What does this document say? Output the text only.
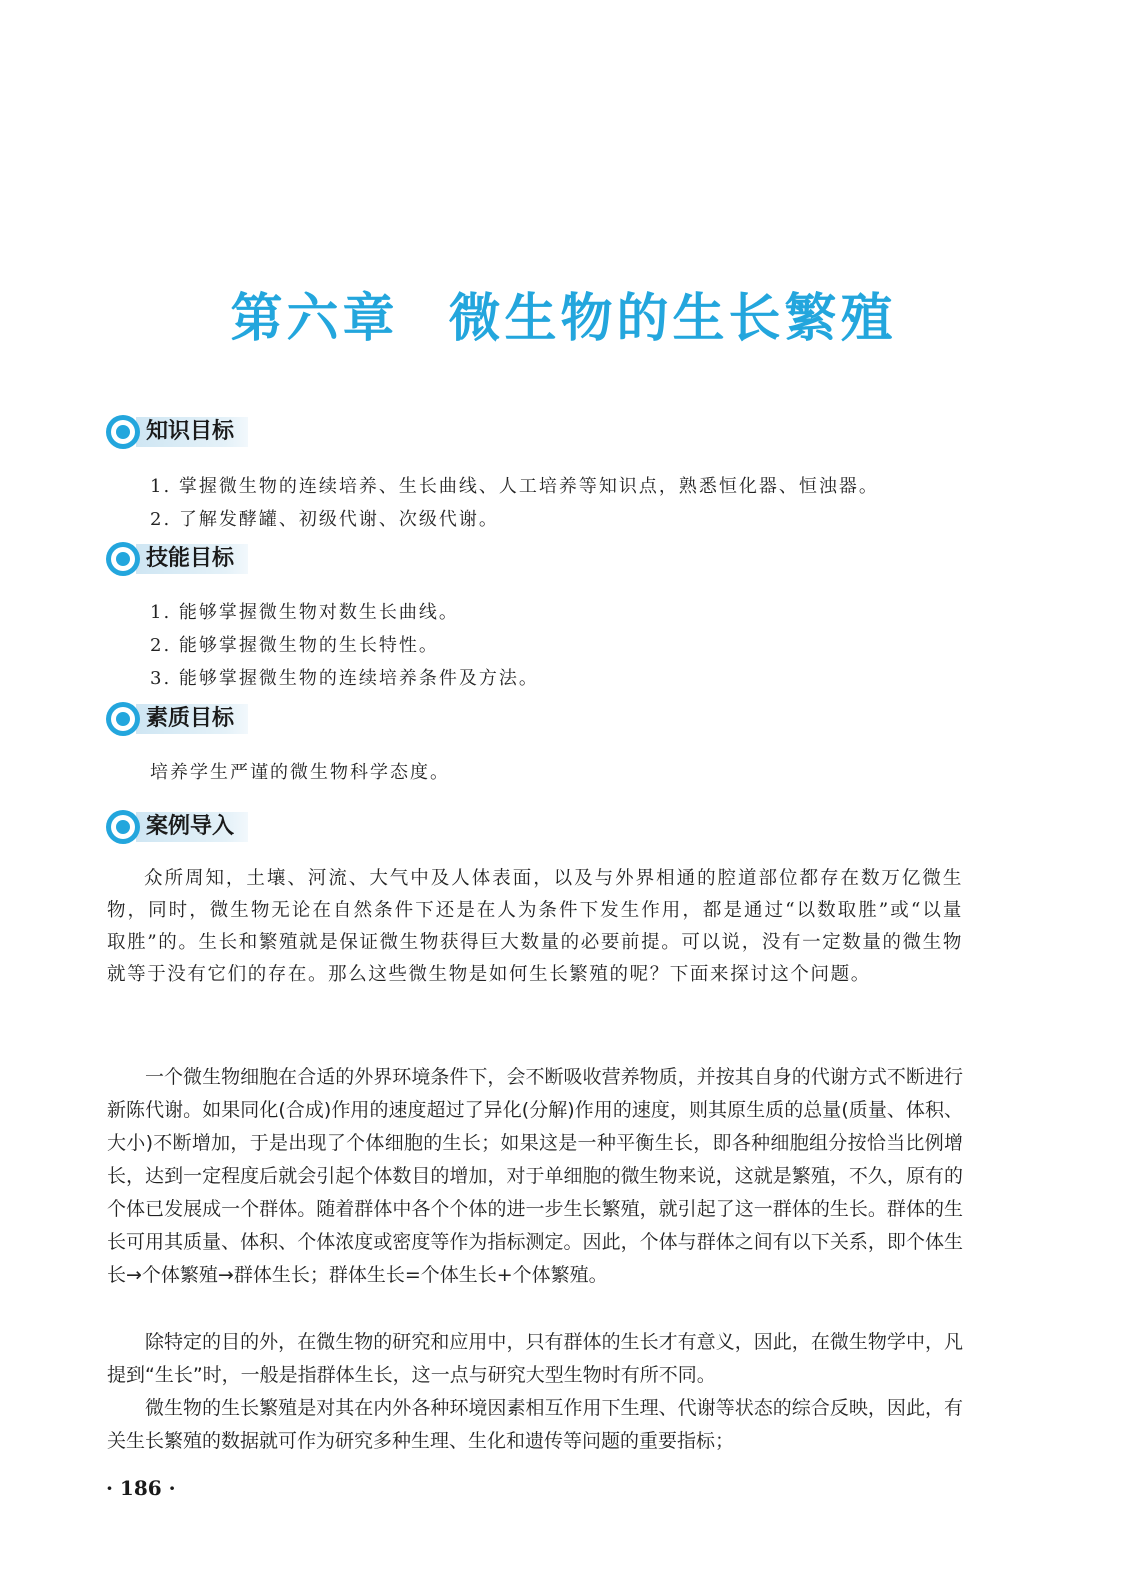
第六章 微生物的生长繁殖
知识目标
1. 掌握微生物的连续培养、生长曲线、人工培养等知识点，熟悉恒化器、恒浊器。
2. 了解发酵罐、初级代谢、次级代谢。
技能目标
1. 能够掌握微生物对数生长曲线。
2. 能够掌握微生物的生长特性。
3. 能够掌握微生物的连续培养条件及方法。
素质目标
培养学生严谨的微生物科学态度。
案例导入

众所周知，土壤、河流、大气中及人体表面，以及与外界相通的腔道部位都存在数万亿微生物，同时，微生物无论在自然条件下还是在人为条件下发生作用，都是通过“以数取胜”或“以量取胜”的。生长和繁殖就是保证微生物获得巨大数量的必要前提。可以说，没有一定数量的微生物就等于没有它们的存在。那么这些微生物是如何生长繁殖的呢？下面来探讨这个问题。

一个微生物细胞在合适的外界环境条件下，会不断吸收营养物质，并按其自身的代谢方式不断进行新陈代谢。如果同化(合成)作用的速度超过了异化(分解)作用的速度，则其原生质的总量(质量、体积、大小)不断增加，于是出现了个体细胞的生长；如果这是一种平衡生长，即各种细胞组分按恰当比例增长，达到一定程度后就会引起个体数目的增加，对于单细胞的微生物来说，这就是繁殖，不久，原有的个体已发展成一个群体。随着群体中各个个体的进一步生长繁殖，就引起了这一群体的生长。群体的生长可用其质量、体积、个体浓度或密度等作为指标测定。因此，个体与群体之间有以下关系，即个体生长→个体繁殖→群体生长；群体生长=个体生长+个体繁殖。

除特定的目的外，在微生物的研究和应用中，只有群体的生长才有意义，因此，在微生物学中，凡提到“生长”时，一般是指群体生长，这一点与研究大型生物时有所不同。

微生物的生长繁殖是对其在内外各种环境因素相互作用下生理、代谢等状态的综合反映，因此，有关生长繁殖的数据就可作为研究多种生理、生化和遗传等问题的重要指标；

· 186 ·
